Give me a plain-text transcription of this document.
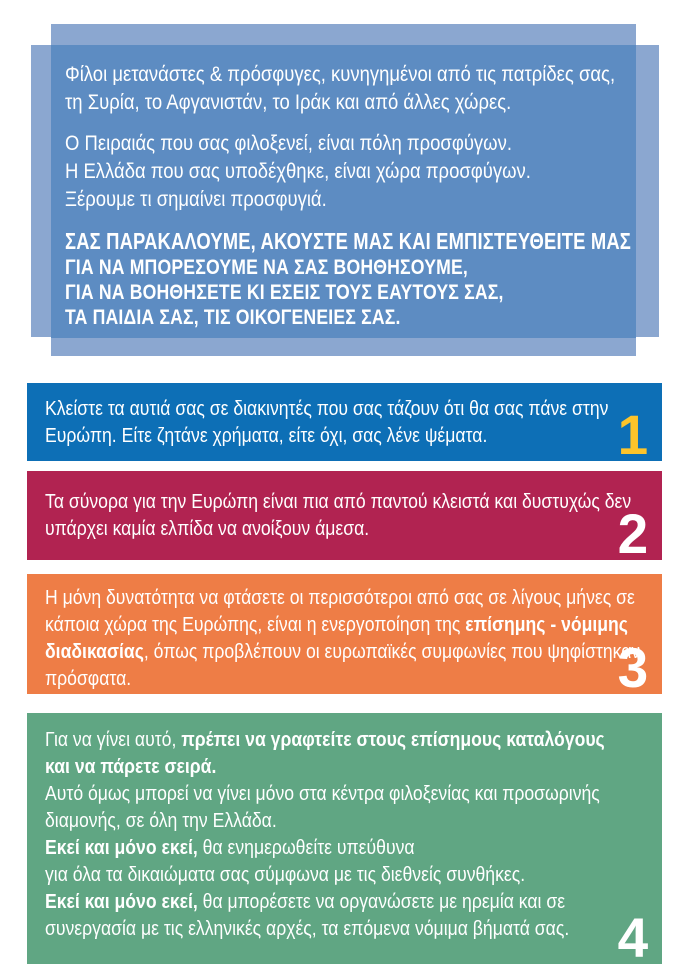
Φίλοι μετανάστες & πρόσφυγες, κυνηγημένοι από τις πατρίδες σας,
τη Συρία, το Αφγανιστάν, το Ιράκ και από άλλες χώρες.
Ο Πειραιάς που σας φιλοξενεί, είναι πόλη προσφύγων.
Η Ελλάδα που σας υποδέχθηκε, είναι χώρα προσφύγων.
Ξέρουμε τι σημαίνει προσφυγιά.
ΣΑΣ ΠΑΡΑΚΑΛΟΥΜΕ, ΑΚΟΥΣΤΕ ΜΑΣ ΚΑΙ ΕΜΠΙΣΤΕΥΘΕΙΤΕ ΜΑΣ
ΓΙΑ ΝΑ ΜΠΟΡΕΣΟΥΜΕ ΝΑ ΣΑΣ ΒΟΗΘΗΣΟΥΜΕ,
ΓΙΑ ΝΑ ΒΟΗΘΗΣΕΤΕ ΚΙ ΕΣΕΙΣ ΤΟΥΣ ΕΑΥΤΟΥΣ ΣΑΣ,
ΤΑ ΠΑΙΔΙΑ ΣΑΣ, ΤΙΣ ΟΙΚΟΓΕΝΕΙΕΣ ΣΑΣ.
Κλείστε τα αυτιά σας σε διακινητές που σας τάζουν ότι θα σας πάνε στην
Ευρώπη. Είτε ζητάνε χρήματα, είτε όχι, σας λένε ψέματα.	1
Τα σύνορα για την Ευρώπη είναι πια από παντού κλειστά και δυστυχώς δεν
υπάρχει καμία ελπίδα να ανοίξουν άμεσα.	2
Η μόνη δυνατότητα να φτάσετε οι περισσότεροι από σας σε λίγους μήνες σε
κάποια χώρα της Ευρώπης, είναι η ενεργοποίηση της επίσημης - νόμιμης
διαδικασίας, όπως προβλέπουν οι ευρωπαϊκές συμφωνίες που ψηφίστηκαν
πρόσφατα.	3
Για να γίνει αυτό, πρέπει να γραφτείτε στους επίσημους καταλόγους
και να πάρετε σειρά.
Αυτό όμως μπορεί να γίνει μόνο στα κέντρα φιλοξενίας και προσωρινής
διαμονής, σε όλη την Ελλάδα.
Εκεί και μόνο εκεί, θα ενημερωθείτε υπεύθυνα
για όλα τα δικαιώματα σας σύμφωνα με τις διεθνείς συνθήκες.
Εκεί και μόνο εκεί, θα μπορέσετε να οργανώσετε με ηρεμία και σε
συνεργασία με τις ελληνικές αρχές, τα επόμενα νόμιμα βήματά σας. 4
